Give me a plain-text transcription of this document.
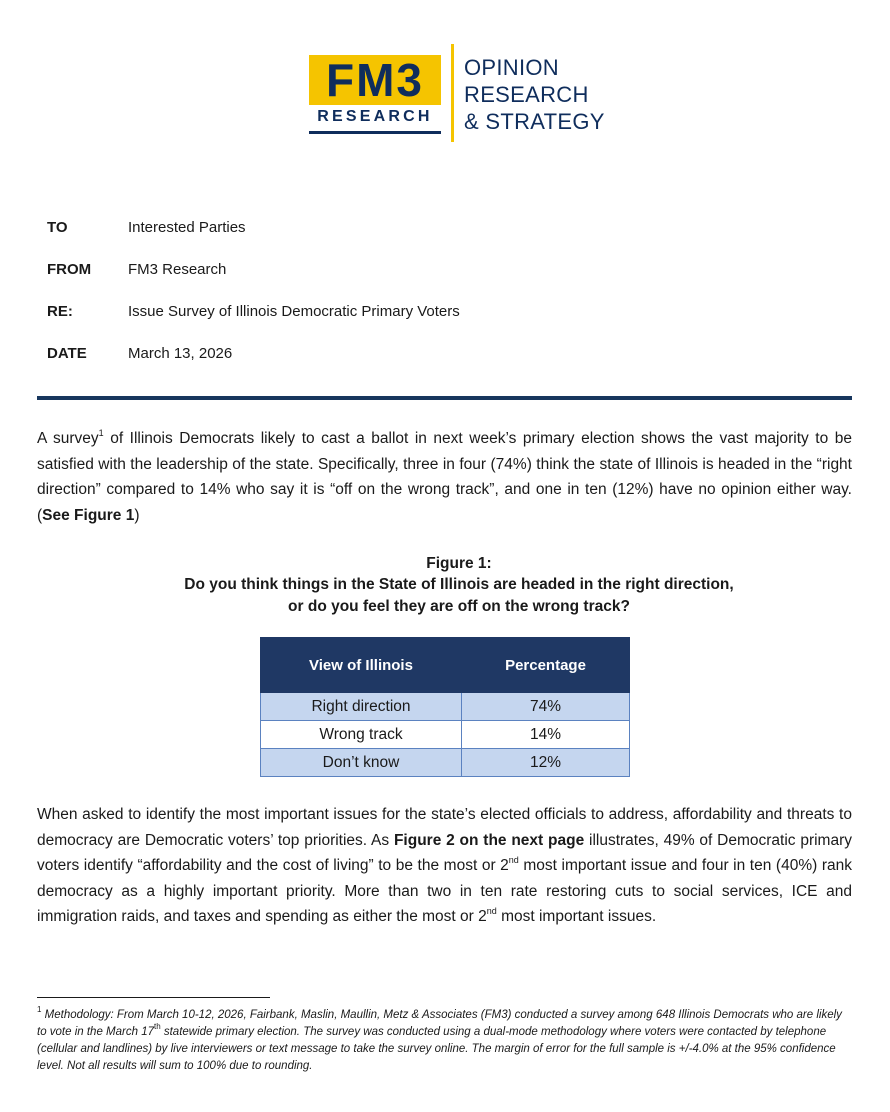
FM3
RESEARCH
OPINION
RESEARCH
& STRATEGY
TO	Interested Parties
FROM FM3 Research
RE:	Issue Survey of Illinois Democratic Primary Voters
DATE	March 13, 2026

A survey$^1$ of Illinois Democrats likely to cast a ballot in next week’s primary election shows the vast majority to be satisfied with the leadership of the state. Specifically, three in four (74%) think the state of Illinois is headed in the “right direction” compared to 14% who say it is “off on the wrong track”, and one in ten (12%) have no opinion either way. (See Figure 1)

Figure 1:
Do you think things in the State of Illinois are headed in the right direction,
or do you feel they are off on the wrong track?
View of Illinois	Percentage
Right direction	74%
Wrong track	14%
Don’t know	12%

When asked to identify the most important issues for the state’s elected officials to address, affordability and threats to democracy are Democratic voters’ top priorities. As Figure 2 on the next page illustrates, 49% of Democratic primary voters identify “affordability and the cost of living” to be the most or 2nd most important issue and four in ten (40%) rank democracy as a highly important priority. More than two in ten rate restoring cuts to social services, ICE and immigration raids, and taxes and spending as either the most or 2nd most important issues.

$^1$ Methodology: From March 10-12, 2026, Fairbank, Maslin, Maullin, Metz & Associates (FM3) conducted a survey among 648 Illinois Democrats who are likely to vote in the March 17th statewide primary election. The survey was conducted using a dual-mode methodology where voters were contacted by telephone (cellular and landlines) by live interviewers or text message to take the survey online. The margin of error for the full sample is +/-4.0% at the 95% confidence level. Not all results will sum to 100% due to rounding.
